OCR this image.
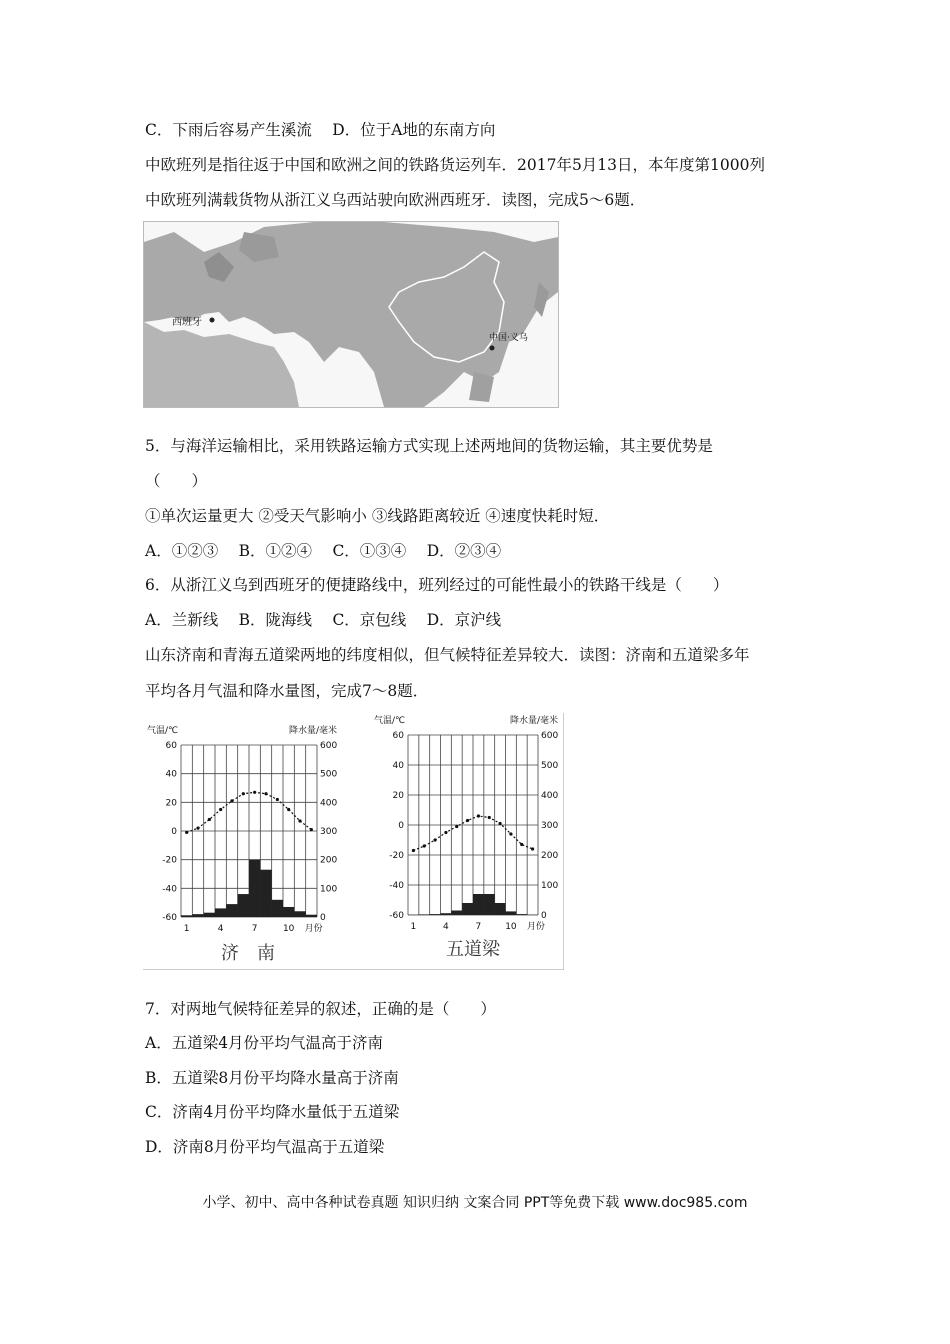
C．下雨后容易产生溪流　 D．位于A地的东南方向
中欧班列是指往返于中国和欧洲之间的铁路货运列车．2017年5月13日，本年度第1000列
中欧班列满载货物从浙江义乌西站驶向欧洲西班牙．读图，完成5～6题．
西班牙
中国·义乌
5．与海洋运输相比，采用铁路运输方式实现上述两地间的货物运输，其主要优势是
（　　）
①单次运量更大 ②受天气影响小 ③线路距离较近 ④速度快耗时短．
A．①②③　 B．①②④　 C．①③④　 D．②③④
6．从浙江义乌到西班牙的便捷路线中，班列经过的可能性最小的铁路干线是（　　）
A．兰新线　 B．陇海线　 C．京包线　 D．京沪线
山东济南和青海五道梁两地的纬度相似，但气候特征差异较大．读图：济南和五道梁多年
平均各月气温和降水量图，完成7～8题．
60
40
20
0
-20
-40
-60
600
500
400
300
200
100
0
1	4	7	10 月份
气温/℃	降水量/毫米
济　南
60
40
20
0
-20
-40
-60
600
500
400
300
200
100
0
1	4	7	10 月份
气温/℃	降水量/毫米
五道梁
7．对两地气候特征差异的叙述，正确的是（　　）
A．五道梁4月份平均气温高于济南
B．五道梁8月份平均降水量高于济南
C．济南4月份平均降水量低于五道梁
D．济南8月份平均气温高于五道梁
小学、初中、高中各种试卷真题 知识归纳 文案合同 PPT等免费下载 www.doc985.com
